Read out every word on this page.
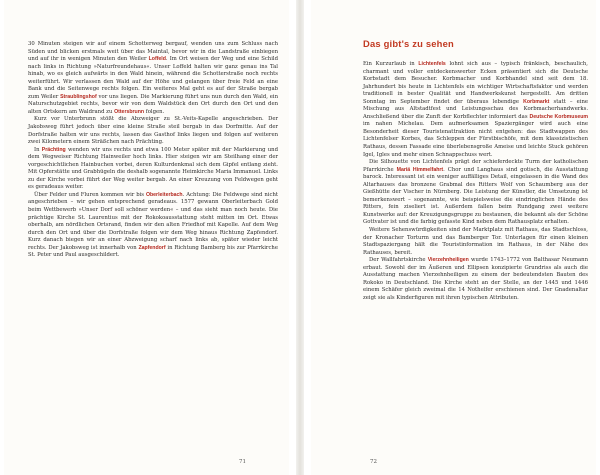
30 Minuten steigen wir auf einem Schotterweg bergauf, wenden uns zum Schluss nach Süden und blicken erstmals weit über das Maintal, bevor wir in die Landstraße einbiegen und auf ihr in wenigen Minuten den Weiler Loffeld. Im Ort weisen der Weg und eine Schild nach links in Richtung »Naturfreundehaus«. Unser Loffeld halten wir ganz genau ins Tal hinab, wo es gleich aufwärts in den Wald hinein, während die Schotterstraße noch rechts weiterführt. Wir verlassen den Wald auf der Höhe und gelangen über freie Feld an eine Bank und die Seitenwege rechts folgen. Ein weiteres Mal geht es auf der Straße bergab zum Weiler Straublingshof vor uns liegen. Die Markierung führt uns nun durch den Wald, ein Naturschutzgebiet rechts, bevor wir von dem Waldstück den Ort durch den Ort und den alten Ortskern am Waldrand zu Ottersbrunn folgen.

Kurz vor Unterbrunn stößt die Abzweiger zu St.-Veits-Kapelle angeschrieben. Der Jakobsweg führt jedoch über eine kleine Straße steil bergab in das Dorfmitte. Auf der Dorfstraße halten wir uns rechts, lassen das Gasthof links liegen und folgen auf weiteren zwei Kilometern einem Sträßchen nach Prächting.

In Prächting wenden wir uns rechts und etwa 100 Meter später mit der Markierung und dem Wegweiser Richtung Hainweiler hoch links. Hier steigen wir am Steilhang einer der vorgeschichtlichen Hainbuchen vorbei, deren Kulturdenkmal sich dem Gipfel entlang zieht. Mit Opferstätte und Grabhügeln die deshalb sogenannte Heimkirche Maria Immanuel. Links zu der Kirche vorbei führt der Weg weiter bergab. An einer Kreuzung von Feldwegen geht es geradeaus weiter.

Über Felder und Fluren kommen wir bis Oberleiterbach. Achtung: Die Feldwege sind nicht angeschrieben – wir gehen entsprechend geradeaus. 1577 gewann Oberleiterbach Gold beim Wettbewerb »Unser Dorf soll schöner werden« – und das sieht man noch heute. Die prächtige Kirche St. Laurentius mit der Rokokoausstattung steht mitten im Ort. Etwas oberhalb, am nördlichen Ortsrand, finden wir den alten Friedhof mit Kapelle. Auf dem Weg durch den Ort und über die Dorfstraße folgen wir dem Weg hinaus Richtung Zapfendorf. Kurz danach biegen wir an einer Abzweigung scharf nach links ab, später wieder leicht rechts. Der Jakobsweg ist innerhalb von Zapfendorf in Richtung Bamberg bis zur Pfarrkirche St. Peter und Paul ausgeschildert.

71
Das gibt's zu sehen

Ein Kurzurlaub in Lichtenfels lohnt sich aus – typisch fränkisch, beschaulich, charmant und voller entdeckenswerter Ecken präsentiert sich die Deutsche Korbstadt dem Besucher. Korbmacher und Korbhandel sind seit dem 18. Jahrhundert bis heute in Lichtenfels ein wichtiger Wirtschaftsfaktor und werden traditionell in bester Qualität und Handwerkskunst hergestellt. Am dritten Sonntag im September findet der überaus lebendige Korbmarkt statt – eine Mischung aus Altstadtfest und Leistungsschau des Korbmacherhandwerks. Anschließend über die Zunft der Korbflechter informiert das Deutsche Korbmuseum im nahen Michelau. Dem aufmerksamen Spaziergänger wird auch eine Besonderheit dieser Touristenattraktion nicht entgehen: das Stadtwappen des Lichtenfelser Korbes, das Schleppen der Fürstbischöfe, mit dem klassizistischen Rathaus, dessen Fassade eine überlebensgroße Ameise und leichte Stuck gehören Igel, Igles und mehr einen Schnappschuss wert.

Die Silhouette von Lichtenfels prägt der schieferdeckte Turm der katholischen Pfarrkirche Mariä Himmelfahrt. Chor und Langhaus sind gotisch, die Ausstattung barock. Interessant ist ein weniger auffälliges Detail, eingelassen in die Wand des Altarhauses das bronzene Grabmal des Ritters Wolf von Schaumberg aus der Gießhütte der Vischer in Nürnberg. Die Leistung der Künstler, die Umsetzung ist bemerkenswert – sogenannte, wie beispielsweise die eindringlichen Hände des Ritters, fein ziseliert ist. Außerdem fallen beim Rundgang zwei weitere Kunstwerke auf: der Kreuzigungsgruppe zu bestaunen, die bekannt als der Schöne Gottvater ist und die farbig gefasste Kind neben dem Rathausplatz erhalten.

Weitere Sehenswürdigkeiten sind der Marktplatz mit Rathaus, das Stadtschloss, der Kronacher Torturm und das Bamberger Tor. Unterlagen für einen kleinen Stadtspaziergang hält die Touristinformation im Rathaus, in der Nähe des Rathauses, bereit.

Der Wallfahrtskirche Vierzehnheiligen wurde 1743–1772 von Balthasar Neumann erbaut. Sowohl der im Äußeren und Ellipsen konzipierte Grundriss als auch die Ausstattung machen Vierzehnheiligen zu einem der bedeutendsten Bauten des Rokoko in Deutschland. Die Kirche steht an der Stelle, an der 1445 und 1446 einem Schäfer gleich zweimal die 14 Nothelfer erschienen sind. Der Gnadenaltar zeigt sie als Kinderfiguren mit ihren typischen Attributen.

72
